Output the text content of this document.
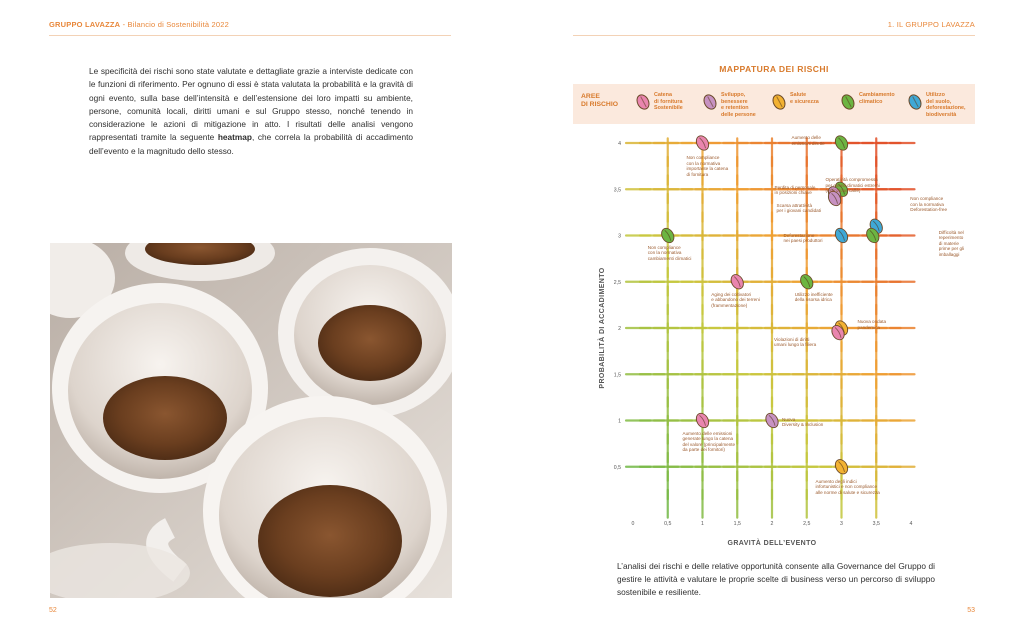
GRUPPO LAVAZZA - Bilancio di Sostenibilità 2022	1. IL GRUPPO LAVAZZA

Le specificità dei rischi sono state valutate e dettagliate grazie a interviste dedicate con le funzioni di riferimento. Per ognuno di essi è stata valutata la probabilità e la gravità di ogni evento, sulla base dell’intensità e dell’estensione dei loro impatti su ambiente, persone, comunità locali, diritti umani e sul Gruppo stesso, nonché tenendo in considerazione le azioni di mitigazione in atto. I risultati delle analisi vengono rappresentati tramite la seguente heatmap, che correla la probabilità di accadimento dell’evento e la magnitudo dello stesso.

52	53
MAPPATURA DEI RISCHI
AREE
DI RISCHIO
Catena
di fornitura
Sostenibile
Sviluppo,
benessere
e retention
delle persone
Salute
e sicurezza
Cambiamento
climatico
Utilizzo
del suolo,
deforestazione,
biodiversità
0	0,5	1	1,5	2	2,5	3	3,5	4
0,5
1
1,5
2
2,5
3
3,5
4
GRAVITÀ DELL’EVENTO
PROBABILITÀ DI ACCADIMENTO
Non compliance
con la normativa
importante la catena
di fornitura
Aumento delle
emissioni dirette
Operatività compromessa
per eventi climatici estremi
(estinzione caffè)
Perdita di personale
in posizioni chiave
Scarsa attrattività
per i giovani candidati
Non compliance
con la normativa
Deforestation-free
Difficoltà nel
reperimento
di materie
prime per gli
imballaggi
Non compliance
con la normativa
cambiamenti climatici
Deforestazione
nei paesi produttori
Aging dei coltivatori
e abbandono dei terreni
(frammentazione)
Utilizzo inefficiente
della risorsa idrica
Nuova ondata
pandemica
Violazioni di diritti
umani lungo la filiera
Aumento delle emissioni
generate lungo la catena
del valore (principalmente
da parte dei fornitori)
Nuova
Diversity & Inclusion
Aumento degli indici
infortunistici e non compliance
alle norme di salute e sicurezza
L’analisi dei rischi e delle relative opportunità consente alla Governance del Gruppo di gestire le attività e valutare le proprie scelte di business verso un percorso di sviluppo sostenibile e resiliente.
